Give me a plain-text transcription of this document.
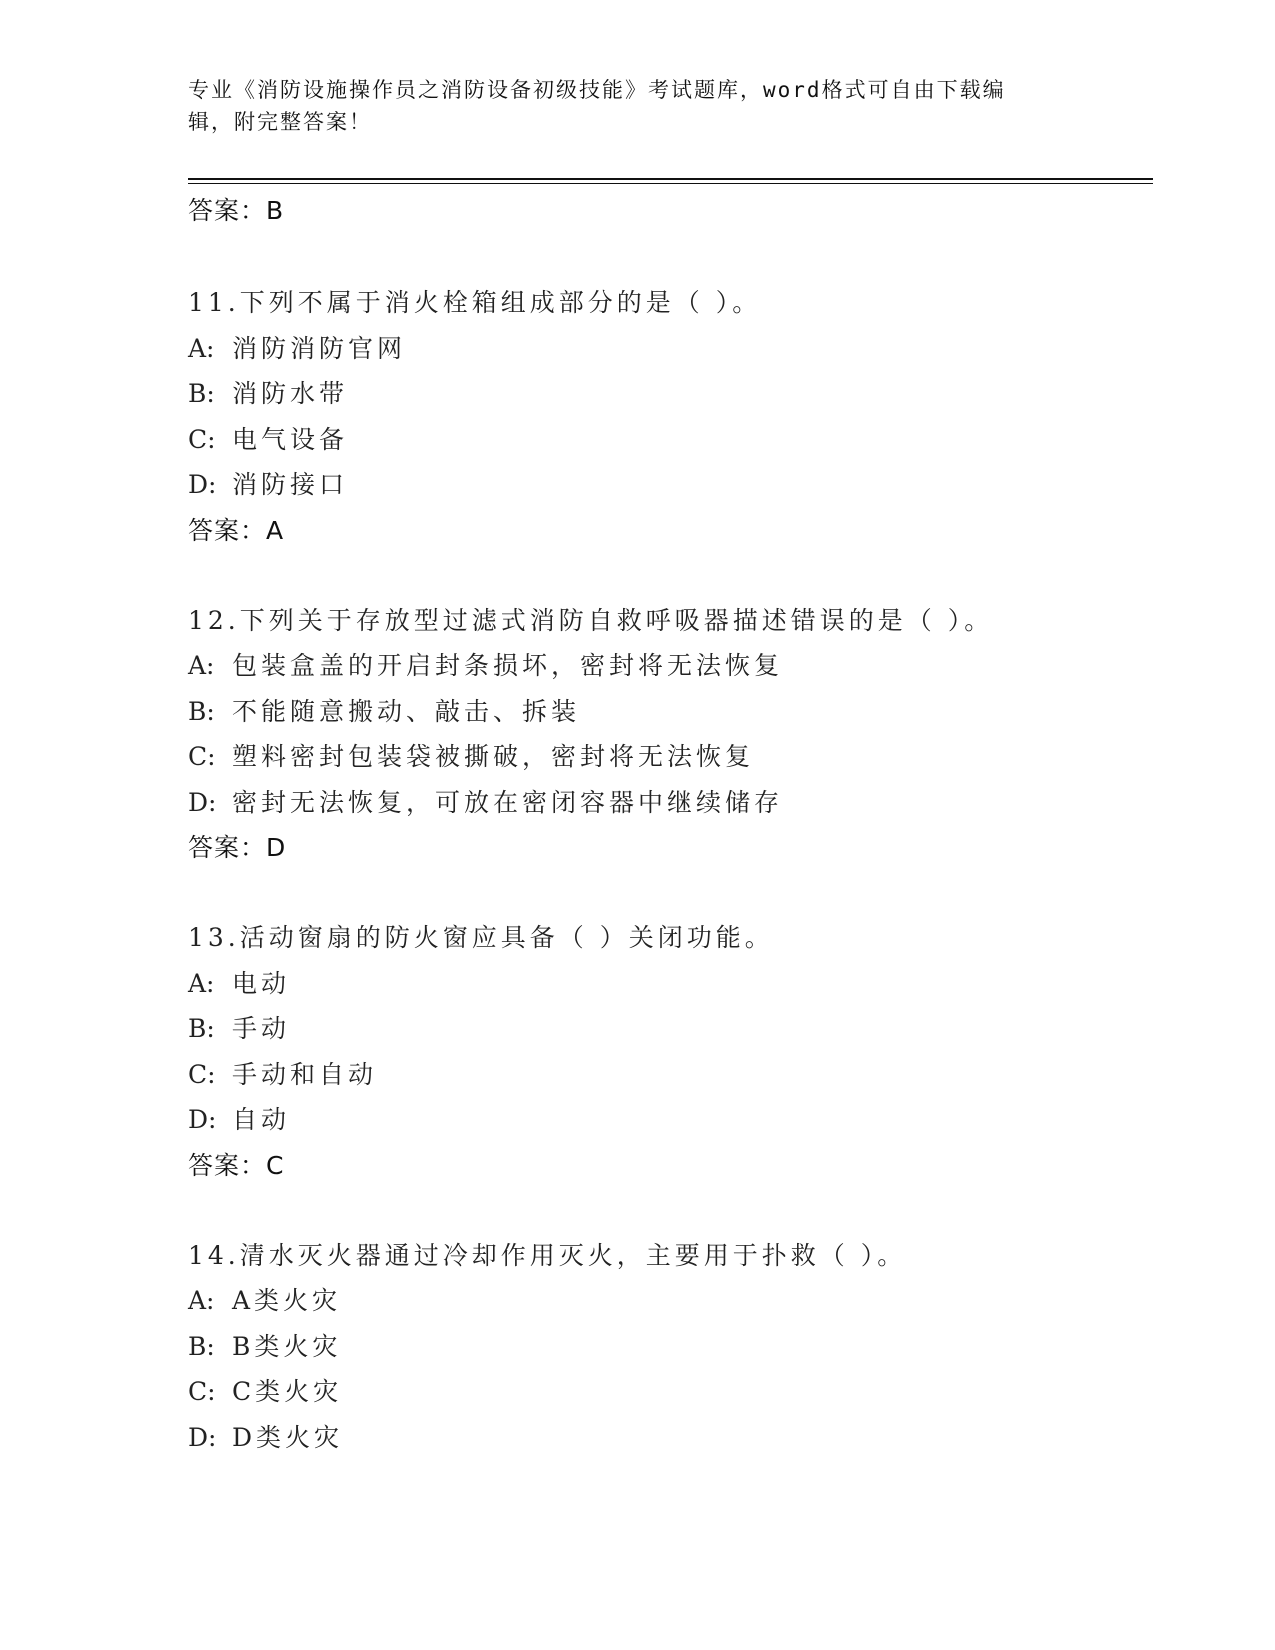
专业《消防设施操作员之消防设备初级技能》考试题库，word格式可自由下载编
辑，附完整答案！
答案：B
11.下列不属于消火栓箱组成部分的是（ ）。
A: 消防消防官网
B: 消防水带
C: 电气设备
D: 消防接口
答案：A
12.下列关于存放型过滤式消防自救呼吸器描述错误的是（ ）。
A: 包装盒盖的开启封条损坏，密封将无法恢复
B: 不能随意搬动、敲击、拆装
C: 塑料密封包装袋被撕破，密封将无法恢复
D: 密封无法恢复，可放在密闭容器中继续储存
答案：D
13.活动窗扇的防火窗应具备（ ）关闭功能。
A: 电动
B: 手动
C: 手动和自动
D: 自动
答案：C
14.清水灭火器通过冷却作用灭火，主要用于扑救（ ）。
A: A类火灾
B: B类火灾
C: C类火灾
D: D类火灾
